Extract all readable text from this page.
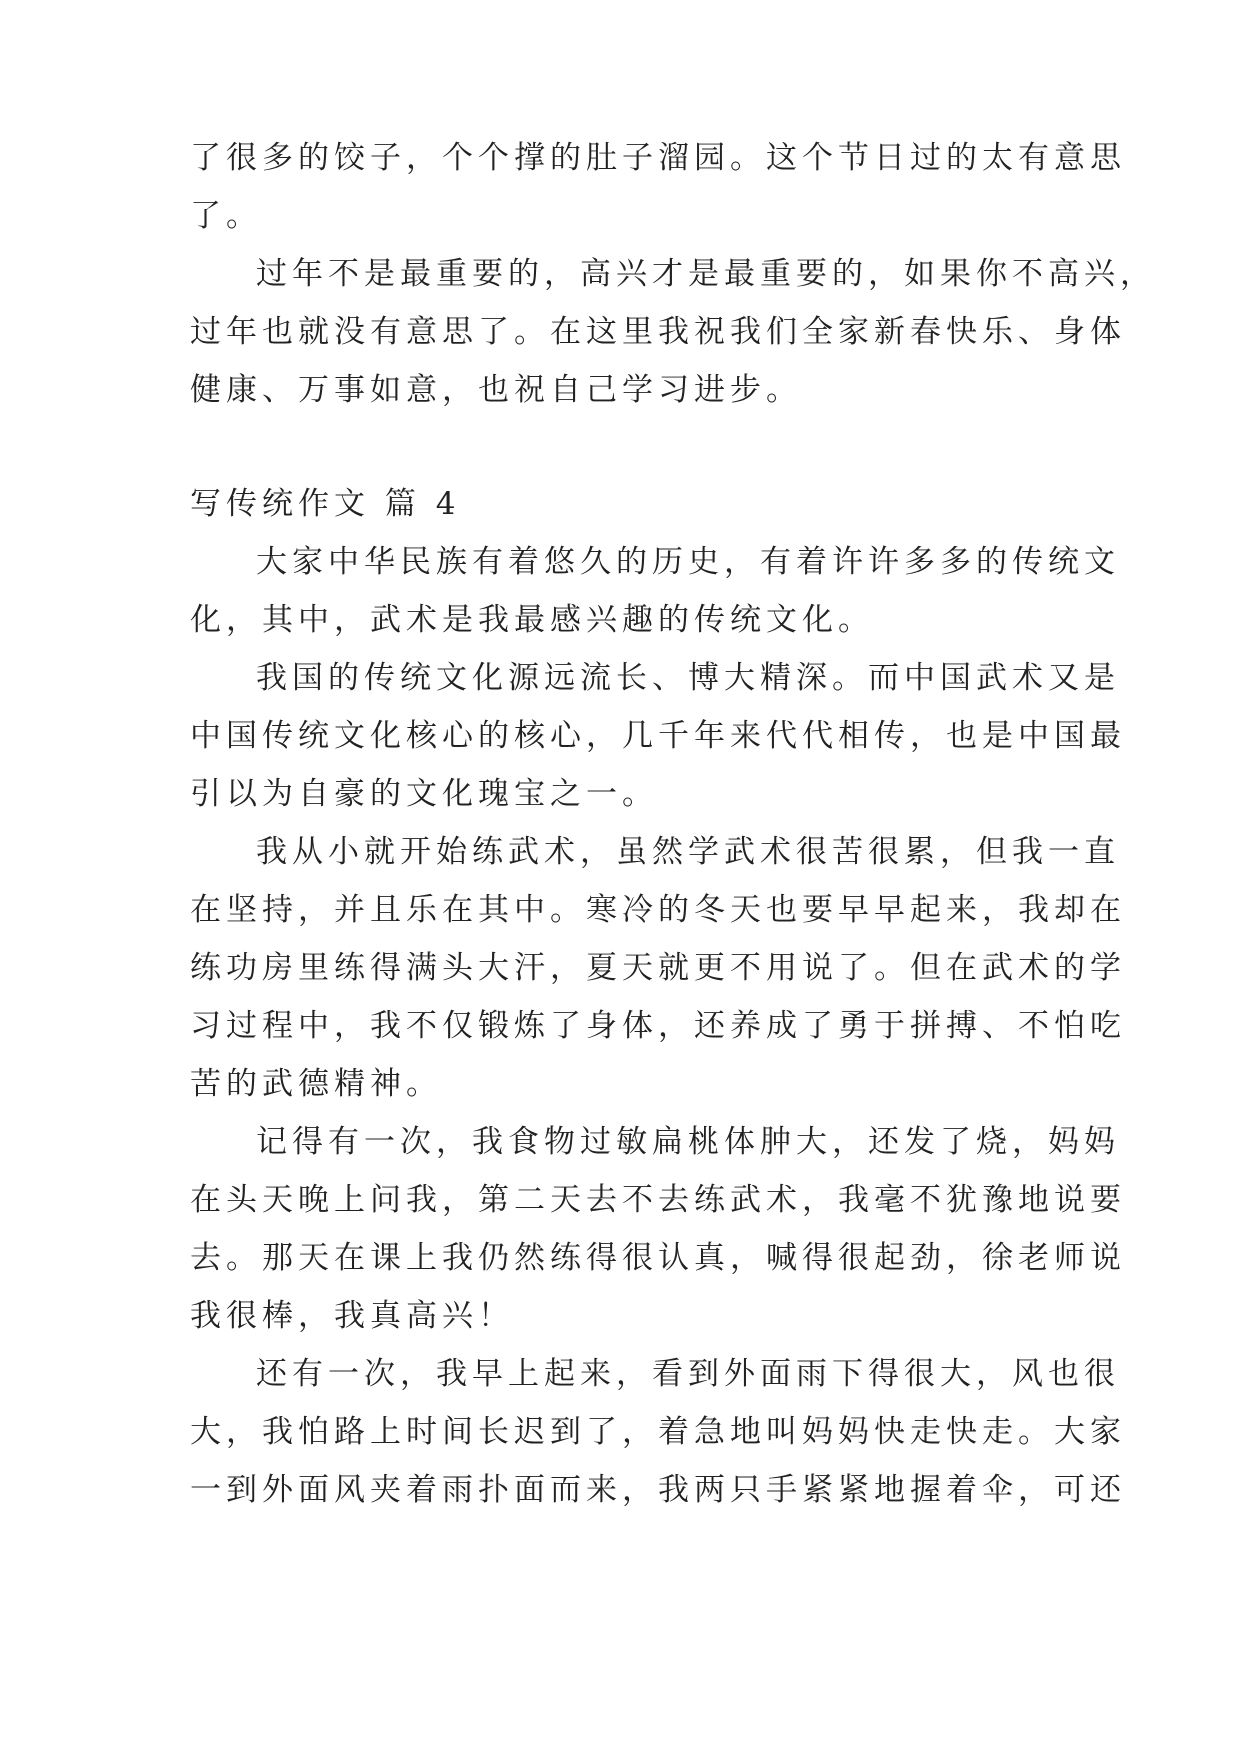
了很多的饺子，个个撑的肚子溜园。这个节日过的太有意思
了。
过年不是最重要的，高兴才是最重要的，如果你不高兴，
过年也就没有意思了。在这里我祝我们全家新春快乐、身体
健康、万事如意，也祝自己学习进步。
写传统作文 篇 4
大家中华民族有着悠久的历史，有着许许多多的传统文
化，其中，武术是我最感兴趣的传统文化。
我国的传统文化源远流长、博大精深。而中国武术又是
中国传统文化核心的核心，几千年来代代相传，也是中国最
引以为自豪的文化瑰宝之一。
我从小就开始练武术，虽然学武术很苦很累，但我一直
在坚持，并且乐在其中。寒冷的冬天也要早早起来，我却在
练功房里练得满头大汗，夏天就更不用说了。但在武术的学
习过程中，我不仅锻炼了身体，还养成了勇于拼搏、不怕吃
苦的武德精神。
记得有一次，我食物过敏扁桃体肿大，还发了烧，妈妈
在头天晚上问我，第二天去不去练武术，我毫不犹豫地说要
去。那天在课上我仍然练得很认真，喊得很起劲，徐老师说
我很棒，我真高兴！
还有一次，我早上起来，看到外面雨下得很大，风也很
大，我怕路上时间长迟到了，着急地叫妈妈快走快走。大家
一到外面风夹着雨扑面而来，我两只手紧紧地握着伞，可还
